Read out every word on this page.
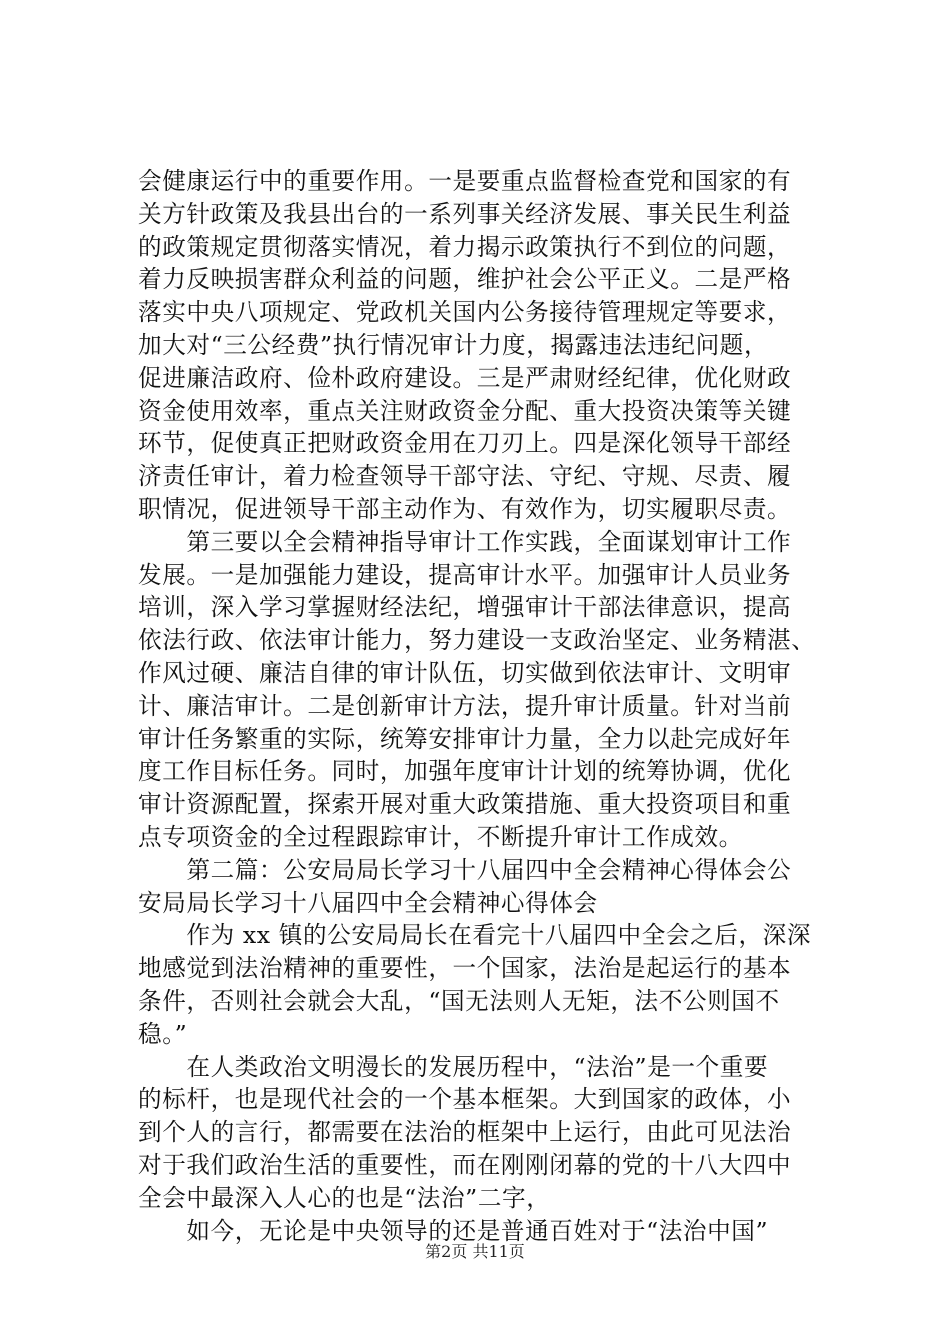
会健康运行中的重要作用。一是要重点监督检查党和国家的有
关方针政策及我县出台的一系列事关经济发展、事关民生利益
的政策规定贯彻落实情况，着力揭示政策执行不到位的问题，
着力反映损害群众利益的问题，维护社会公平正义。二是严格
落实中央八项规定、党政机关国内公务接待管理规定等要求，
加大对“三公经费”执行情况审计力度，揭露违法违纪问题，
促进廉洁政府、俭朴政府建设。三是严肃财经纪律，优化财政
资金使用效率，重点关注财政资金分配、重大投资决策等关键
环节，促使真正把财政资金用在刀刃上。四是深化领导干部经
济责任审计，着力检查领导干部守法、守纪、守规、尽责、履
职情况，促进领导干部主动作为、有效作为，切实履职尽责。
　　第三要以全会精神指导审计工作实践，全面谋划审计工作
发展。一是加强能力建设，提高审计水平。加强审计人员业务
培训，深入学习掌握财经法纪，增强审计干部法律意识，提高
依法行政、依法审计能力，努力建设一支政治坚定、业务精湛、
作风过硬、廉洁自律的审计队伍，切实做到依法审计、文明审
计、廉洁审计。二是创新审计方法，提升审计质量。针对当前
审计任务繁重的实际，统筹安排审计力量，全力以赴完成好年
度工作目标任务。同时，加强年度审计计划的统筹协调，优化
审计资源配置，探索开展对重大政策措施、重大投资项目和重
点专项资金的全过程跟踪审计，不断提升审计工作成效。
　　第二篇：公安局局长学习十八届四中全会精神心得体会公
安局局长学习十八届四中全会精神心得体会
　　作为 xx 镇的公安局局长在看完十八届四中全会之后，深深
地感觉到法治精神的重要性，一个国家，法治是起运行的基本
条件，否则社会就会大乱，“国无法则人无矩，法不公则国不
稳。”
　　在人类政治文明漫长的发展历程中，“法治”是一个重要
的标杆，也是现代社会的一个基本框架。大到国家的政体，小
到个人的言行，都需要在法治的框架中上运行，由此可见法治
对于我们政治生活的重要性，而在刚刚闭幕的党的十八大四中
全会中最深入人心的也是“法治”二字，
　　如今，无论是中央领导的还是普通百姓对于“法治中国”
第2页 共11页
